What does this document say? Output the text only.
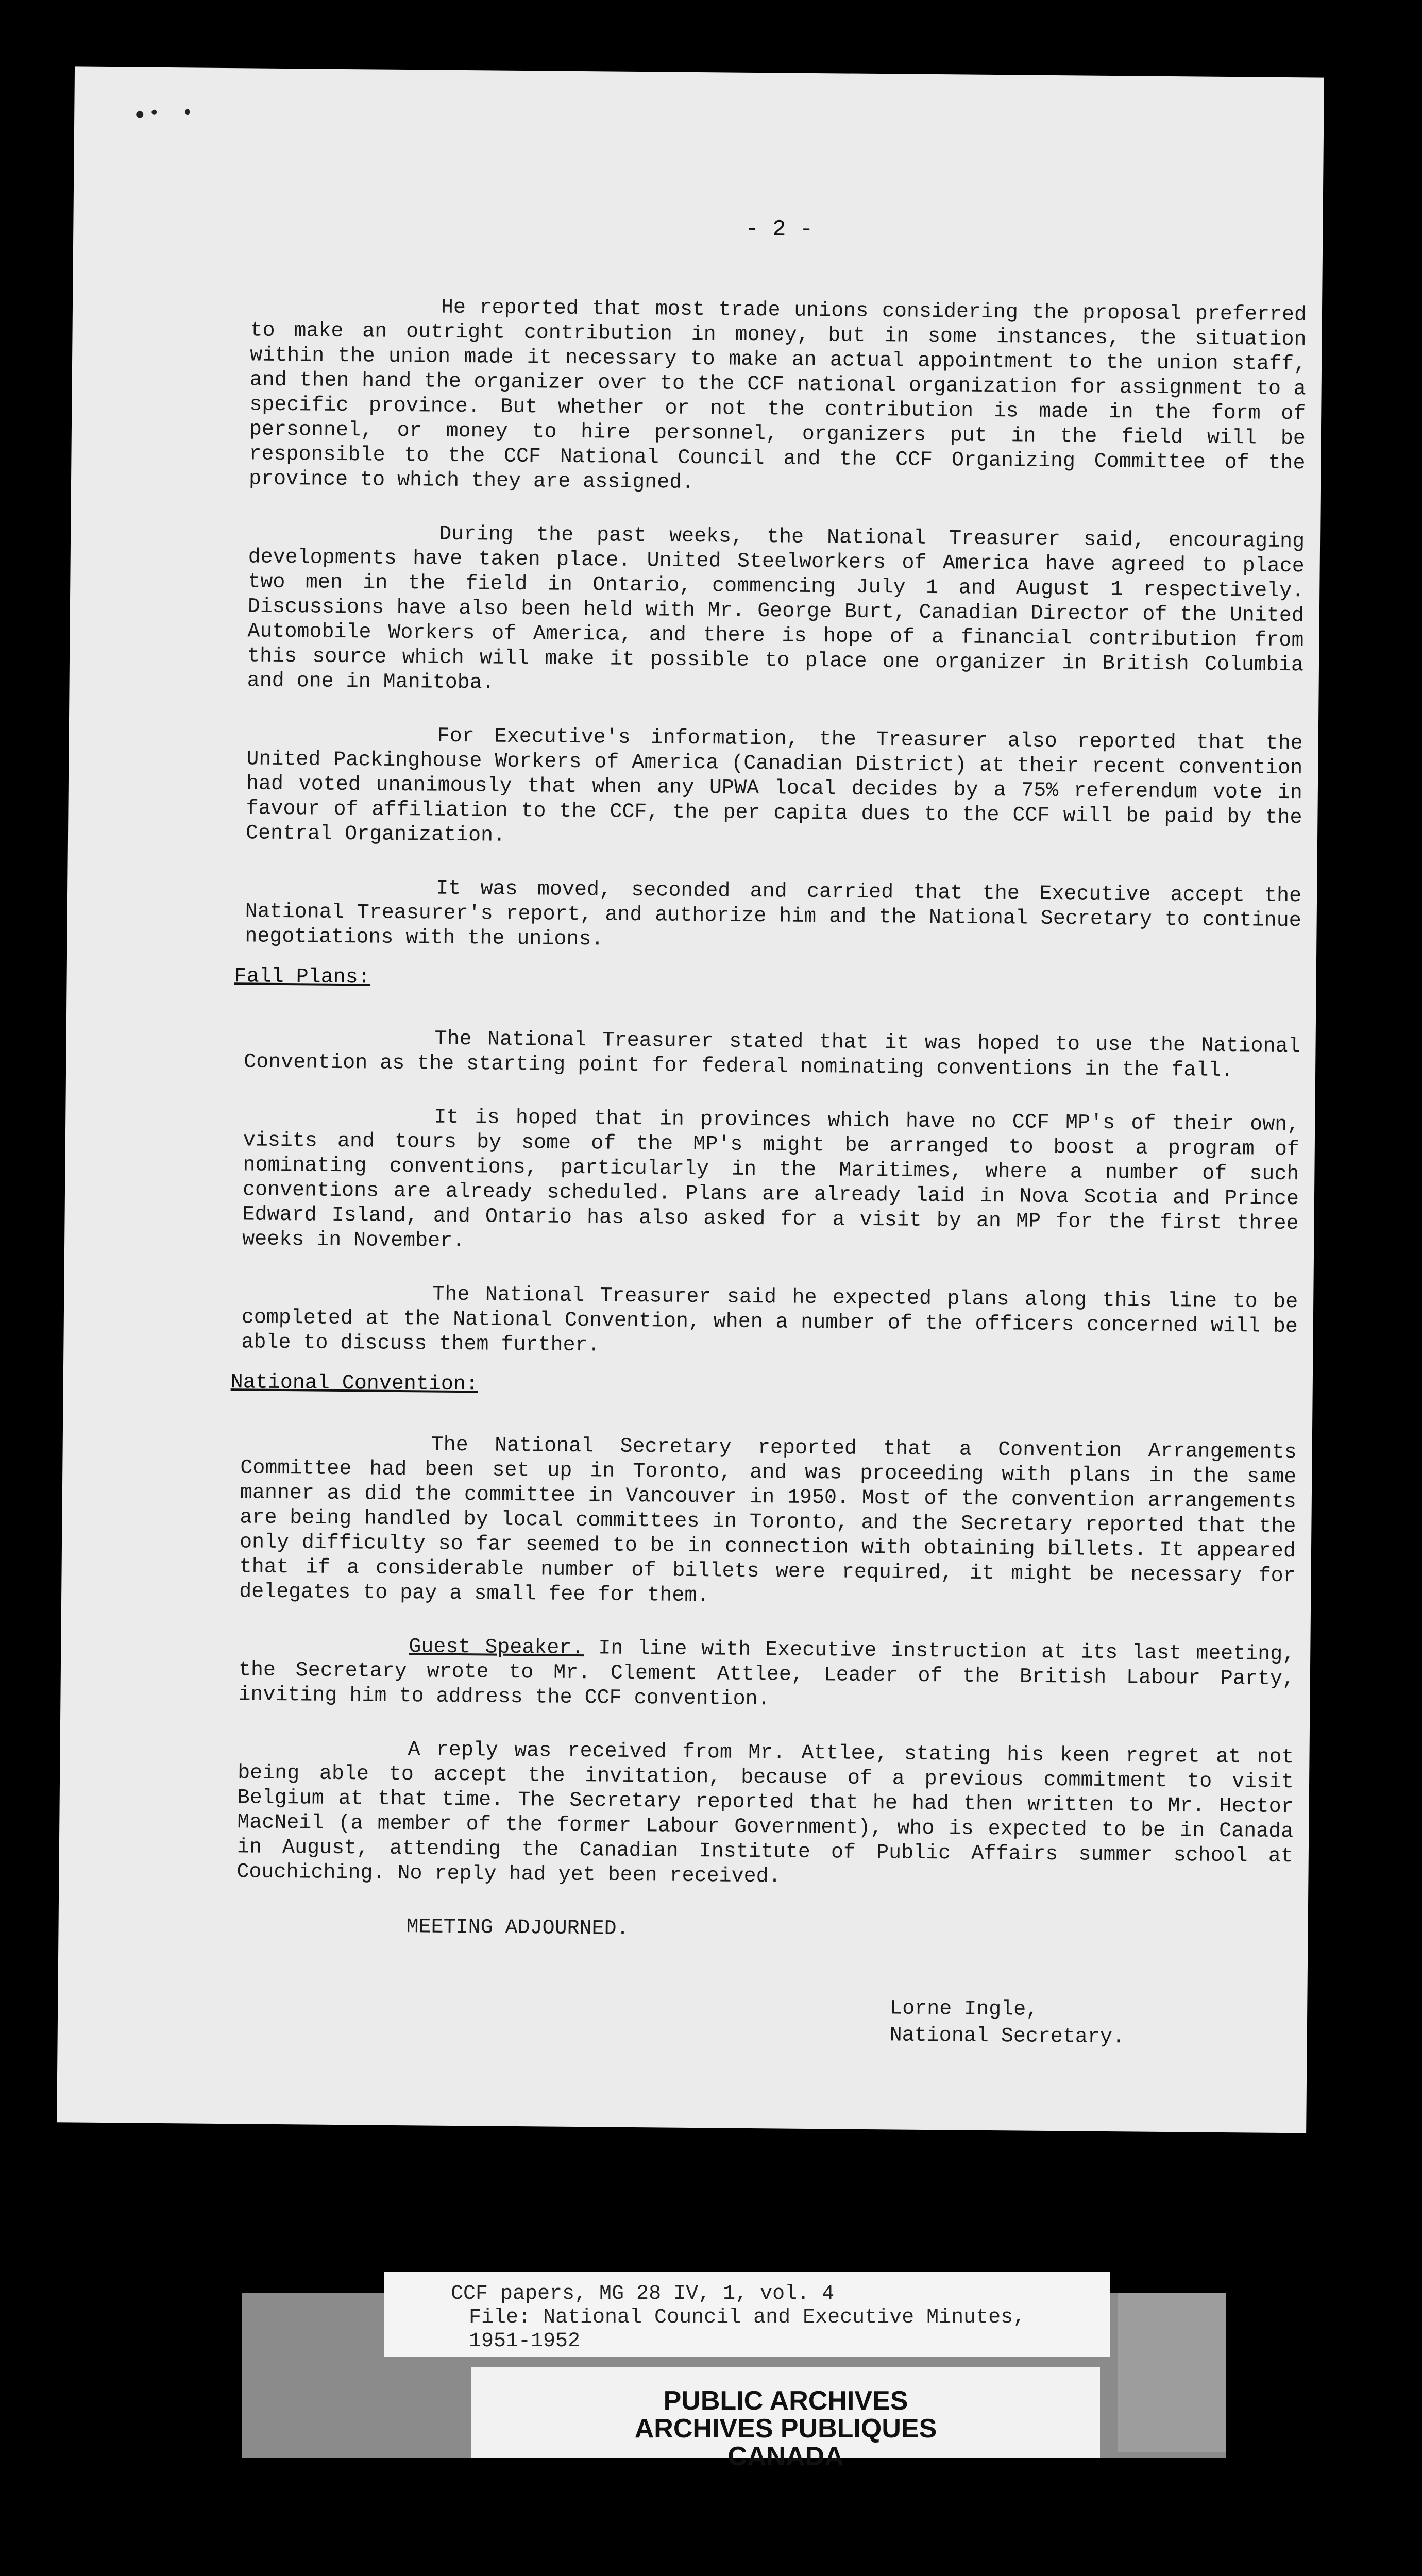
- 2 -

He reported that most trade unions considering the proposal preferred to make an outright contribution in money, but in some instances, the situation within the union made it necessary to make an actual appointment to the union staff, and then hand the organizer over to the CCF national organization for assignment to a specific province. But whether or not the contribution is made in the form of personnel, or money to hire personnel, organizers put in the field will be responsible to the CCF National Council and the CCF Organizing Committee of the province to which they are assigned.

During the past weeks, the National Treasurer said, encouraging developments have taken place. United Steelworkers of America have agreed to place two men in the field in Ontario, commencing July 1 and August 1 respectively. Discussions have also been held with Mr. George Burt, Canadian Director of the United Automobile Workers of America, and there is hope of a financial contribution from this source which will make it possible to place one organizer in British Columbia and one in Manitoba.

For Executive's information, the Treasurer also reported that the United Packinghouse Workers of America (Canadian District) at their recent convention had voted unanimously that when any UPWA local decides by a 75% referendum vote in favour of affiliation to the CCF, the per capita dues to the CCF will be paid by the Central Organization.

It was moved, seconded and carried that the Executive accept the National Treasurer's report, and authorize him and the National Secretary to continue negotiations with the unions.

Fall Plans:

The National Treasurer stated that it was hoped to use the National Convention as the starting point for federal nominating conventions in the fall.

It is hoped that in provinces which have no CCF MP's of their own, visits and tours by some of the MP's might be arranged to boost a program of nominating conventions, particularly in the Maritimes, where a number of such conventions are already scheduled. Plans are already laid in Nova Scotia and Prince Edward Island, and Ontario has also asked for a visit by an MP for the first three weeks in November.

The National Treasurer said he expected plans along this line to be completed at the National Convention, when a number of the officers concerned will be able to discuss them further.

National Convention:

The National Secretary reported that a Convention Arrangements Committee had been set up in Toronto, and was proceeding with plans in the same manner as did the committee in Vancouver in 1950. Most of the convention arrangements are being handled by local committees in Toronto, and the Secretary reported that the only difficulty so far seemed to be in connection with obtaining billets. It appeared that if a considerable number of billets were required, it might be necessary for delegates to pay a small fee for them.

Guest Speaker. In line with Executive instruction at its last meeting, the Secretary wrote to Mr. Clement Attlee, Leader of the British Labour Party, inviting him to address the CCF convention.

A reply was received from Mr. Attlee, stating his keen regret at not being able to accept the invitation, because of a previous commitment to visit Belgium at that time. The Secretary reported that he had then written to Mr. Hector MacNeil (a member of the former Labour Government), who is expected to be in Canada in August, attending the Canadian Institute of Public Affairs summer school at Couchiching. No reply had yet been received.

MEETING ADJOURNED.
Lorne Ingle,
National Secretary.
CCF papers, MG 28 IV, 1, vol. 4
File: National Council and Executive Minutes,
1951-1952
PUBLIC ARCHIVES
ARCHIVES PUBLIQUES
CANADA
